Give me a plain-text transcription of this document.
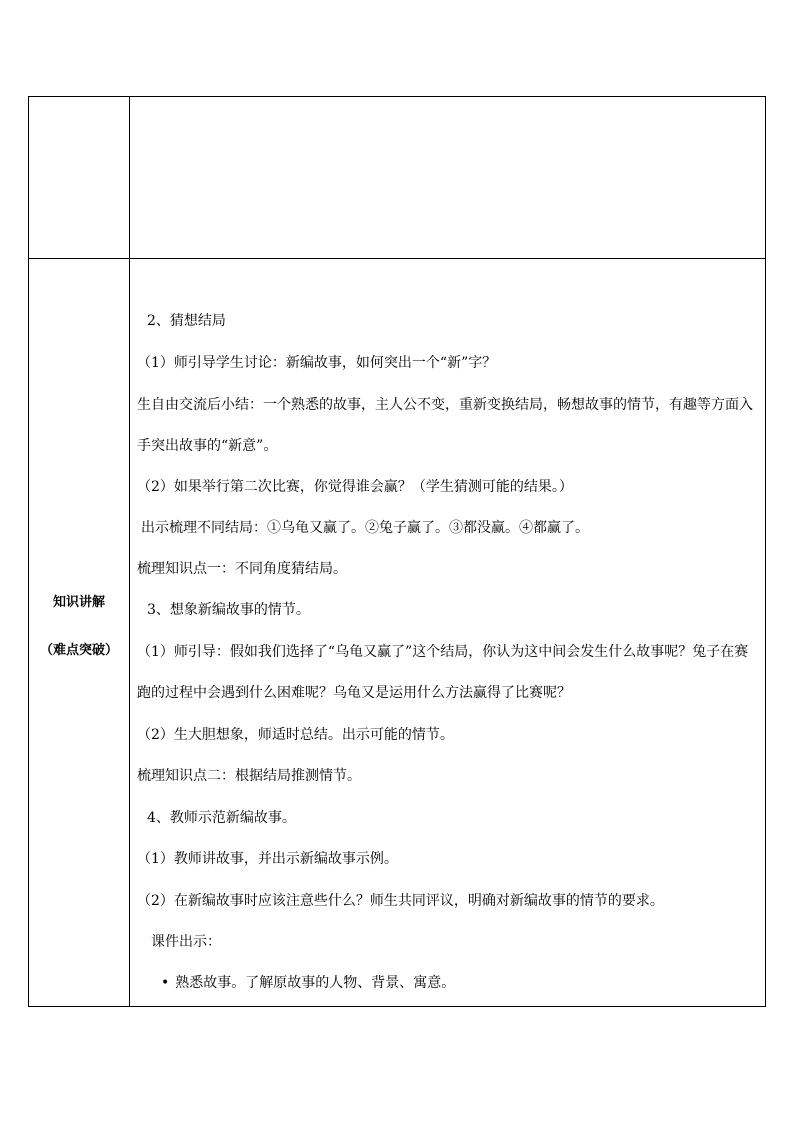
知识讲解
（难点突破）
2、猜想结局
（1）师引导学生讨论：新编故事，如何突出一个“新”字？
生自由交流后小结：一个熟悉的故事，主人公不变，重新变换结局，畅想故事的情节，有趣等方面入
手突出故事的“新意”。
（2）如果举行第二次比赛，你觉得谁会赢？（学生猜测可能的结果。）
出示梳理不同结局：①乌龟又赢了。②兔子赢了。③都没赢。④都赢了。
梳理知识点一：不同角度猜结局。
3、想象新编故事的情节。
（1）师引导：假如我们选择了“乌龟又赢了”这个结局，你认为这中间会发生什么故事呢？兔子在赛
跑的过程中会遇到什么困难呢？乌龟又是运用什么方法赢得了比赛呢？
（2）生大胆想象，师适时总结。出示可能的情节。
梳理知识点二：根据结局推测情节。
4、教师示范新编故事。
（1）教师讲故事，并出示新编故事示例。
（2）在新编故事时应该注意些什么？师生共同评议，明确对新编故事的情节的要求。
课件出示：
• 熟悉故事。了解原故事的人物、背景、寓意。
